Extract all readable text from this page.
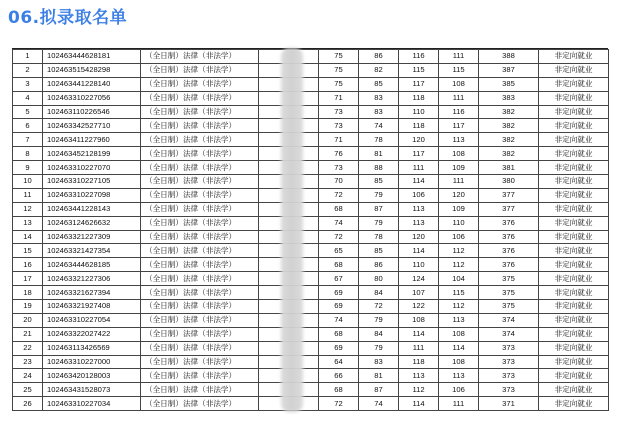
06.拟录取名单
1	102463444628181	（全日制）法律（非法学）		75	86	116	111	388	非定向就业
2	102463515428298	（全日制）法律（非法学）		75	82	115	115	387	非定向就业
3	102463441228140	（全日制）法律（非法学）		75	85	117	108	385	非定向就业
4	102463310227056	（全日制）法律（非法学）		71	83	118	111	383	非定向就业
5	102463110226546	（全日制）法律（非法学）		73	83	110	116	382	非定向就业
6	102463342527710	（全日制）法律（非法学）		73	74	118	117	382	非定向就业
7	102463411227960	（全日制）法律（非法学）		71	78	120	113	382	非定向就业
8	102463452128199	（全日制）法律（非法学）		76	81	117	108	382	非定向就业
9	102463310227070	（全日制）法律（非法学）		73	88	111	109	381	非定向就业
10	102463310227105	（全日制）法律（非法学）		70	85	114	111	380	非定向就业
11	102463310227098	（全日制）法律（非法学）		72	79	106	120	377	非定向就业
12	102463441228143	（全日制）法律（非法学）		68	87	113	109	377	非定向就业
13	102463124626632	（全日制）法律（非法学）		74	79	113	110	376	非定向就业
14	102463321227309	（全日制）法律（非法学）		72	78	120	106	376	非定向就业
15	102463321427354	（全日制）法律（非法学）		65	85	114	112	376	非定向就业
16	102463444628185	（全日制）法律（非法学）		68	86	110	112	376	非定向就业
17	102463321227306	（全日制）法律（非法学）		67	80	124	104	375	非定向就业
18	102463321627394	（全日制）法律（非法学）		69	84	107	115	375	非定向就业
19	102463321927408	（全日制）法律（非法学）		69	72	122	112	375	非定向就业
20	102463310227054	（全日制）法律（非法学）		74	79	108	113	374	非定向就业
21	102463322027422	（全日制）法律（非法学）		68	84	114	108	374	非定向就业
22	102463113426569	（全日制）法律（非法学）		69	79	111	114	373	非定向就业
23	102463310227000	（全日制）法律（非法学）		64	83	118	108	373	非定向就业
24	102463420128003	（全日制）法律（非法学）		66	81	113	113	373	非定向就业
25	102463431528073	（全日制）法律（非法学）		68	87	112	106	373	非定向就业
26	102463310227034	（全日制）法律（非法学）		72	74	114	111	371	非定向就业
